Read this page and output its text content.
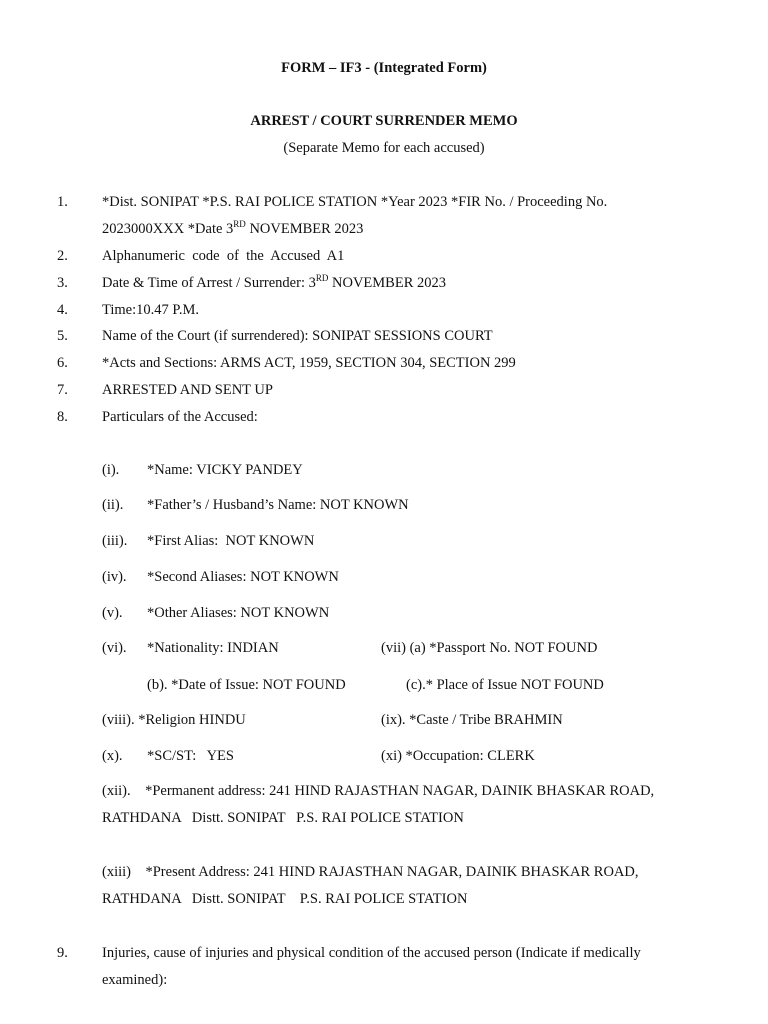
FORM – IF3 - (Integrated Form)
ARREST / COURT SURRENDER MEMO
(Separate Memo for each accused)
1. *Dist. SONIPAT *P.S. RAI POLICE STATION *Year 2023 *FIR No. / Proceeding No.
2023000XXX *Date 3RD NOVEMBER 2023
2. Alphanumeric  code  of  the  Accused  A1
3. Date & Time of Arrest / Surrender: 3RD NOVEMBER 2023
4. Time:10.47 P.M.
5. Name of the Court (if surrendered): SONIPAT SESSIONS COURT
6. *Acts and Sections: ARMS ACT, 1959, SECTION 304, SECTION 299
7. ARRESTED AND SENT UP
8. Particulars of the Accused:
(i). *Name: VICKY PANDEY
(ii). *Father’s / Husband’s Name: NOT KNOWN
(iii). *First Alias:  NOT KNOWN
(iv). *Second Aliases: NOT KNOWN
(v). *Other Aliases: NOT KNOWN
(vi). *Nationality: INDIAN	(vii) (a) *Passport No. NOT FOUND
(b). *Date of Issue: NOT FOUND	(c).* Place of Issue NOT FOUND
(viii). *Religion HINDU	(ix). *Caste / Tribe BRAHMIN
(x). *SC/ST:   YES	(xi) *Occupation: CLERK
(xii).    *Permanent address: 241 HIND RAJASTHAN NAGAR, DAINIK BHASKAR ROAD,
RATHDANA   Distt. SONIPAT   P.S. RAI POLICE STATION
(xiii)    *Present Address: 241 HIND RAJASTHAN NAGAR, DAINIK BHASKAR ROAD,
RATHDANA   Distt. SONIPAT    P.S. RAI POLICE STATION
9. Injuries, cause of injuries and physical condition of the accused person (Indicate if medically
examined):
